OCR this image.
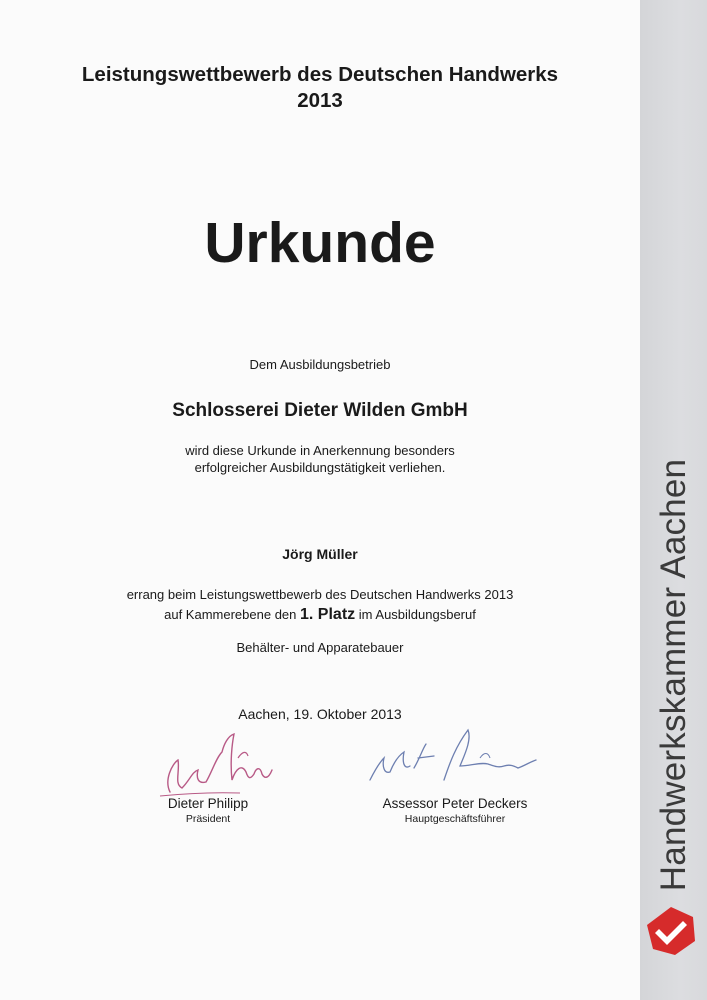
Leistungswettbewerb des Deutschen Handwerks
2013
Urkunde
Dem Ausbildungsbetrieb
Schlosserei Dieter Wilden GmbH
wird diese Urkunde in Anerkennung besonders
erfolgreicher Ausbildungstätigkeit verliehen.
Jörg Müller
errang beim Leistungswettbewerb des Deutschen Handwerks 2013
auf Kammerebene den 1. Platz im Ausbildungsberuf
Behälter- und Apparatebauer
Aachen, 19. Oktober 2013
Dieter Philipp
Präsident
Assessor Peter Deckers
Hauptgeschäftsführer	Handwerkskammer Aachen
